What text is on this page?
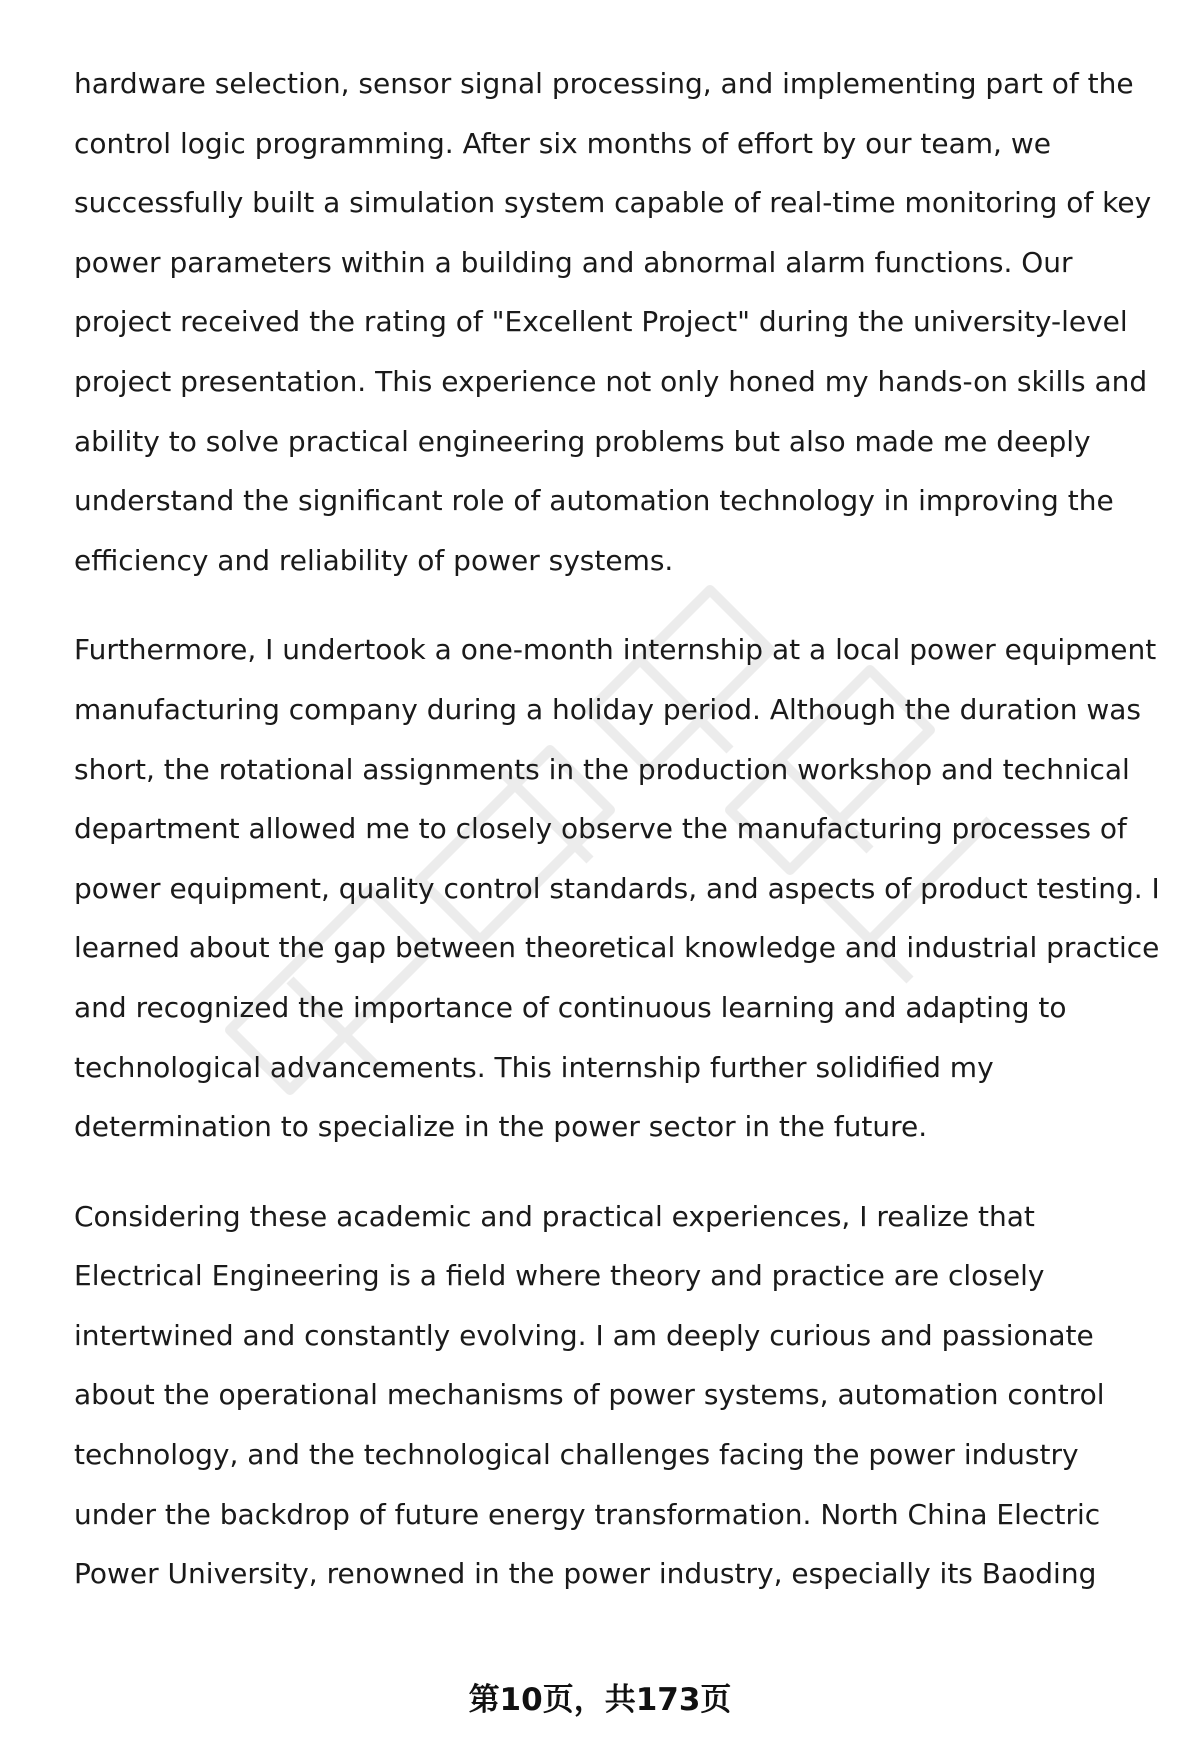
hardware selection, sensor signal processing, and implementing part of the control logic programming. After six months of effort by our team, we successfully built a simulation system capable of real-time monitoring of key power parameters within a building and abnormal alarm functions. Our project received the rating of "Excellent Project" during the university-level project presentation. This experience not only honed my hands-on skills and ability to solve practical engineering problems but also made me deeply understand the significant role of automation technology in improving the efficiency and reliability of power systems.

Furthermore, I undertook a one-month internship at a local power equipment manufacturing company during a holiday period. Although the duration was short, the rotational assignments in the production workshop and technical department allowed me to closely observe the manufacturing processes of power equipment, quality control standards, and aspects of product testing. I learned about the gap between theoretical knowledge and industrial practice and recognized the importance of continuous learning and adapting to technological advancements. This internship further solidified my determination to specialize in the power sector in the future.

Considering these academic and practical experiences, I realize that Electrical Engineering is a field where theory and practice are closely intertwined and constantly evolving. I am deeply curious and passionate about the operational mechanisms of power systems, automation control technology, and the technological challenges facing the power industry under the backdrop of future energy transformation. North China Electric Power University, renowned in the power industry, especially its Baoding

第10页，共173页
